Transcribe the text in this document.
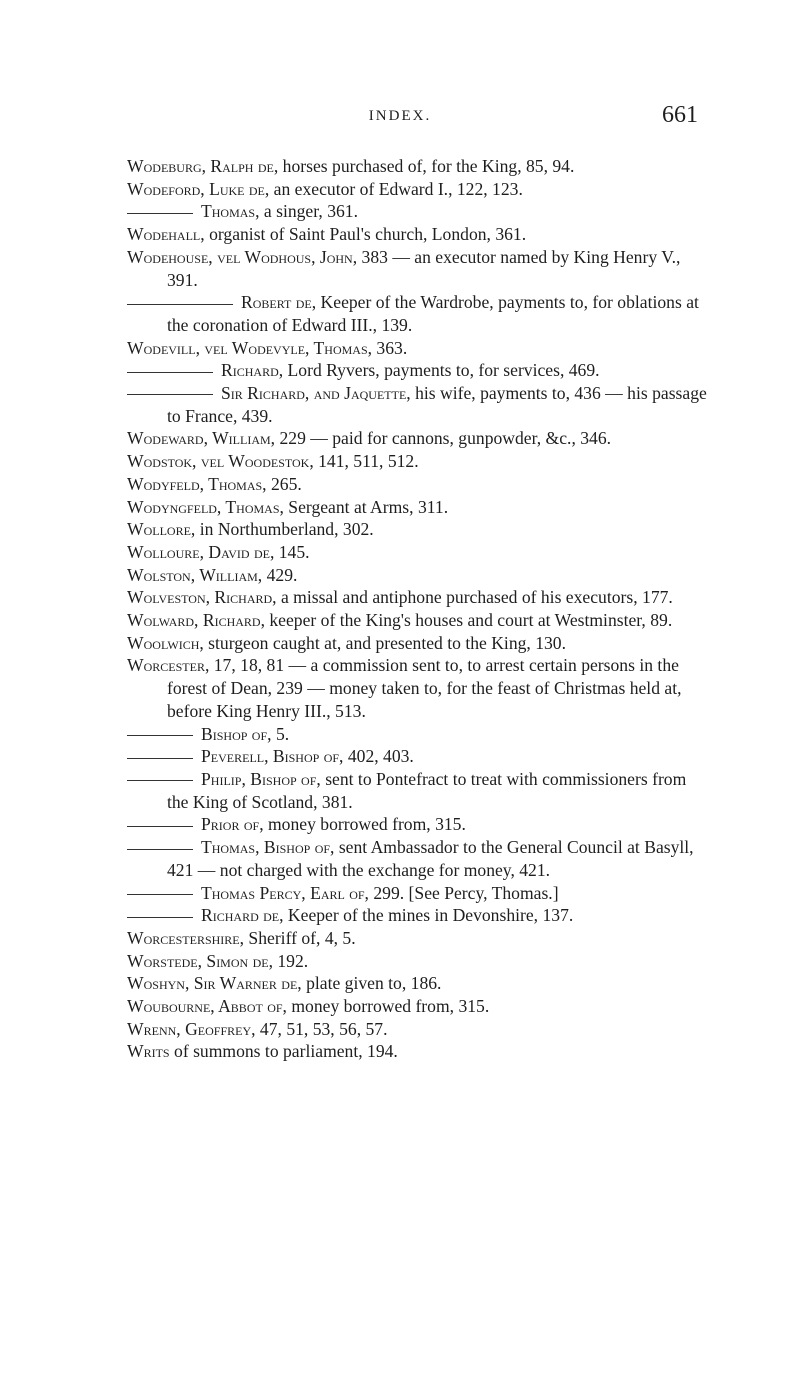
INDEX.	661

Wodeburg, Ralph de, horses purchased of, for the King, 85, 94.

Wodeford, Luke de, an executor of Edward I., 122, 123.

Thomas, a singer, 361.

Wodehall, organist of Saint Paul's church, London, 361.

Wodehouse, vel Wodhous, John, 383 — an executor named by King Henry V., 391.

Robert de, Keeper of the Wardrobe, payments to, for oblations at the coronation of Edward III., 139.

Wodevill, vel Wodevyle, Thomas, 363.

Richard, Lord Ryvers, payments to, for services, 469.

Sir Richard, and Jaquette, his wife, payments to, 436 — his passage to France, 439.

Wodeward, William, 229 — paid for cannons, gunpowder, &c., 346.

Wodstok, vel Woodestok, 141, 511, 512.

Wodyfeld, Thomas, 265.

Wodyngfeld, Thomas, Sergeant at Arms, 311.

Wollore, in Northumberland, 302.

Wolloure, David de, 145.

Wolston, William, 429.

Wolveston, Richard, a missal and antiphone purchased of his executors, 177.

Wolward, Richard, keeper of the King's houses and court at Westminster, 89.

Woolwich, sturgeon caught at, and presented to the King, 130.

Worcester, 17, 18, 81 — a commission sent to, to arrest certain persons in the forest of Dean, 239 — money taken to, for the feast of Christmas held at, before King Henry III., 513.

Bishop of, 5.

Peverell, Bishop of, 402, 403.

Philip, Bishop of, sent to Pontefract to treat with commissioners from the King of Scotland, 381.

Prior of, money borrowed from, 315.

Thomas, Bishop of, sent Ambassador to the General Council at Basyll, 421 — not charged with the exchange for money, 421.

Thomas Percy, Earl of, 299. [See Percy, Thomas.]

Richard de, Keeper of the mines in Devonshire, 137.

Worcestershire, Sheriff of, 4, 5.

Worstede, Simon de, 192.

Woshyn, Sir Warner de, plate given to, 186.

Woubourne, Abbot of, money borrowed from, 315.

Wrenn, Geoffrey, 47, 51, 53, 56, 57.

Writs of summons to parliament, 194.
